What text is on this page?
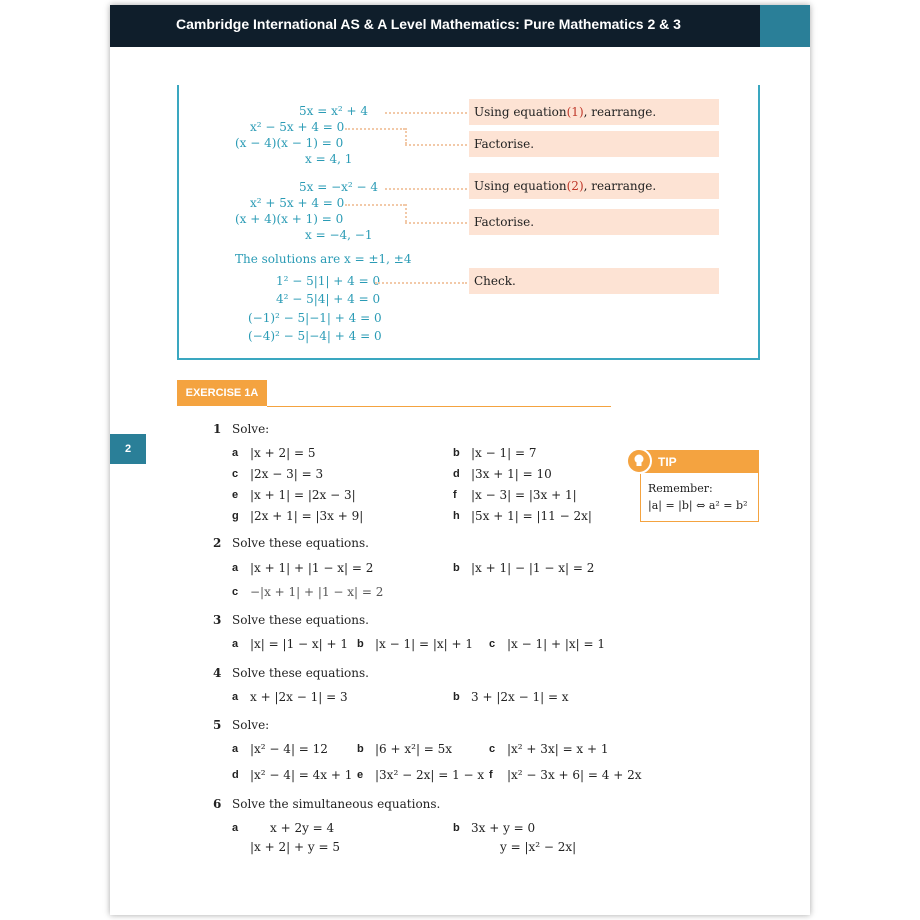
Cambridge International AS & A Level Mathematics: Pure Mathematics 2 & 3
5x = x² + 4
x² − 5x + 4 = 0
(x − 4)(x − 1) = 0
x = 4, 1
5x = −x² − 4
x² + 5x + 4 = 0
(x + 4)(x + 1) = 0
x = −4, −1
The solutions are x = ±1, ±4
1² − 5|1| + 4 = 0
4² − 5|4| + 4 = 0
(−1)² − 5|−1| + 4 = 0
(−4)² − 5|−4| + 4 = 0
Using equation (1) , rearrange.
Factorise.
Using equation (2) , rearrange.
Factorise.
Check.
EXERCISE 1A
2
1 Solve:
a |x + 2| = 5	b |x − 1| = 7
c |2x − 3| = 3	d |3x + 1| = 10
e |x + 1| = |2x − 3|	f |x − 3| = |3x + 1|
g |2x + 1| = |3x + 9|	h |5x + 1| = |11 − 2x|
TIP
Remember:
|a| = |b| ⇔ a² = b²
2 Solve these equations.
a |x + 1| + |1 − x| = 2	b |x + 1| − |1 − x| = 2
c −|x + 1| + |1 − x| = 2
3 Solve these equations.
a |x| = |1 − x| + 1 b |x − 1| = |x| + 1 c |x − 1| + |x| = 1
4 Solve these equations.
a x + |2x − 1| = 3	b 3 + |2x − 1| = x
5 Solve:
a |x² − 4| = 12	b |6 + x²| = 5x	c |x² + 3x| = x + 1
d |x² − 4| = 4x + 1 e |3x² − 2x| = 1 − x f |x² − 3x + 6| = 4 + 2x
6 Solve the simultaneous equations.
a	x + 2y = 4
|x + 2| + y = 5
b 3x + y = 0
y = |x² − 2x|
